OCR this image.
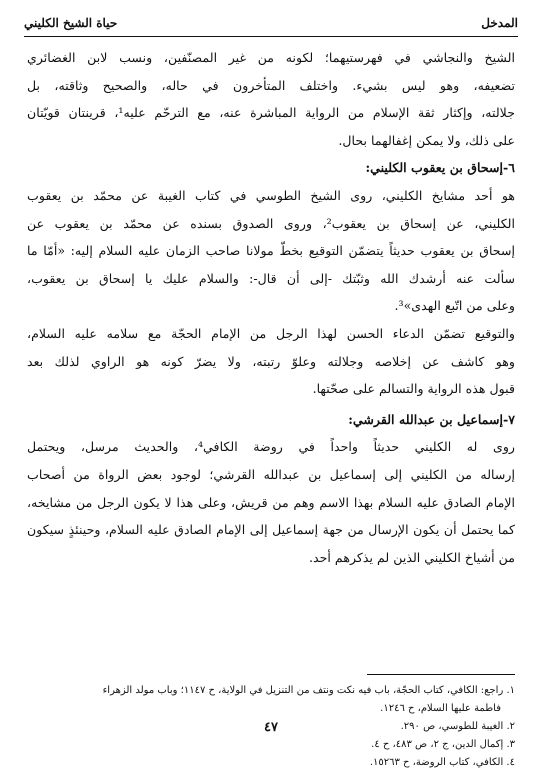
المدخل
حياة الشيخ الكليني
الشيخ والنجاشي في فهرستيهما؛ لكونه من غير المصنّفين، ونسب لابن الغضائري
تضعيفه، وهو ليس بشيء. واختلف المتأخرون في حاله، والصحيح وثاقته، بل
جلالته، وإكثار ثقة الإسلام من الرواية المباشرة عنه، مع الترحّم عليه¹، قرينتان قويّتان
على ذلك، ولا يمكن إغفالهما بحال.
٦-إسحاق بن يعقوب الكليني:
هو أحد مشايخ الكليني، روى الشيخ الطوسي في كتاب الغيبة عن محمّد بن يعقوب
الكليني، عن إسحاق بن يعقوب²، وروى الصدوق بسنده عن محمّد بن يعقوب عن
إسحاق بن يعقوب حديثاً يتضمّن التوقيع بخطّ مولانا صاحب الزمان عليه السلام إليه: «أمّا ما
سألت عنه أرشدك الله وثبّتك -إلى أن قال-: والسلام عليك يا إسحاق بن يعقوب،
وعلى من اتّبع الهدى»³.
والتوقيع تضمّن الدعاء الحسن لهذا الرجل من الإمام الحجّة مع سلامه عليه السلام،
وهو كاشف عن إخلاصه وجلالته وعلوّ رتبته، ولا يضرّ كونه هو الراوي لذلك بعد
قبول هذه الرواية والتسالم على صحّتها.
٧-إسماعيل بن عبدالله القرشي:
روى له الكليني حديثاً واحداً في روضة الكافي⁴، والحديث مرسل، ويحتمل
إرساله من الكليني إلى إسماعيل بن عبدالله القرشي؛ لوجود بعض الرواة من أصحاب
الإمام الصادق عليه السلام بهذا الاسم وهم من قريش، وعلى هذا لا يكون الرجل من مشايخه،
كما يحتمل أن يكون الإرسال من جهة إسماعيل إلى الإمام الصادق عليه السلام، وحينئذٍ سيكون
من أشياخ الكليني الذين لم يذكرهم أحد.
١. راجع: الكافي، كتاب الحجّة، باب فيه نكت ونتف من التنزيل في الولاية، ح ١١٤٧؛ وباب مولد الزهراء
فاطمة عليها السلام، ح ١٢٤٦.
٢. الغيبة للطوسي، ص ٢٩٠.
٣. إكمال الدين، ج ٢، ص ٤٨٣، ح ٤.
٤. الكافي، كتاب الروضة، ح ١٥٢٦٣.
٤٧
